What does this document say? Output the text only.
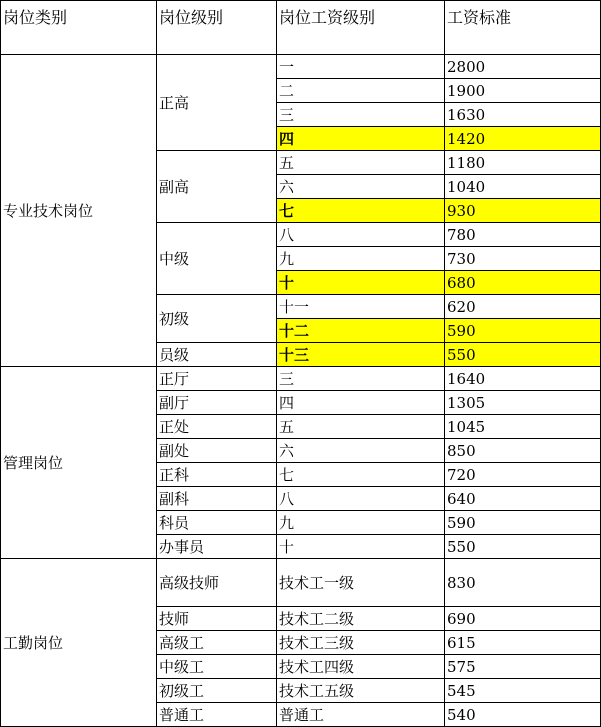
岗位类别	岗位级别	岗位工资级别	工资标准
专业技术岗位	正高	一	2800
		二	1900
		三	1630
		四	1420
	副高	五	1180
		六	1040
		七	930
	中级	八	780
		九	730
		十	680
	初级	十一	620
		十二	590
	员级	十三	550
管理岗位	正厅	三	1640
	副厅	四	1305
	正处	五	1045
	副处	六	850
	正科	七	720
	副科	八	640
	科员	九	590
	办事员	十	550
工勤岗位	高级技师	技术工一级	830
	技师	技术工二级	690
	高级工	技术工三级	615
	中级工	技术工四级	575
	初级工	技术工五级	545
	普通工	普通工	540
